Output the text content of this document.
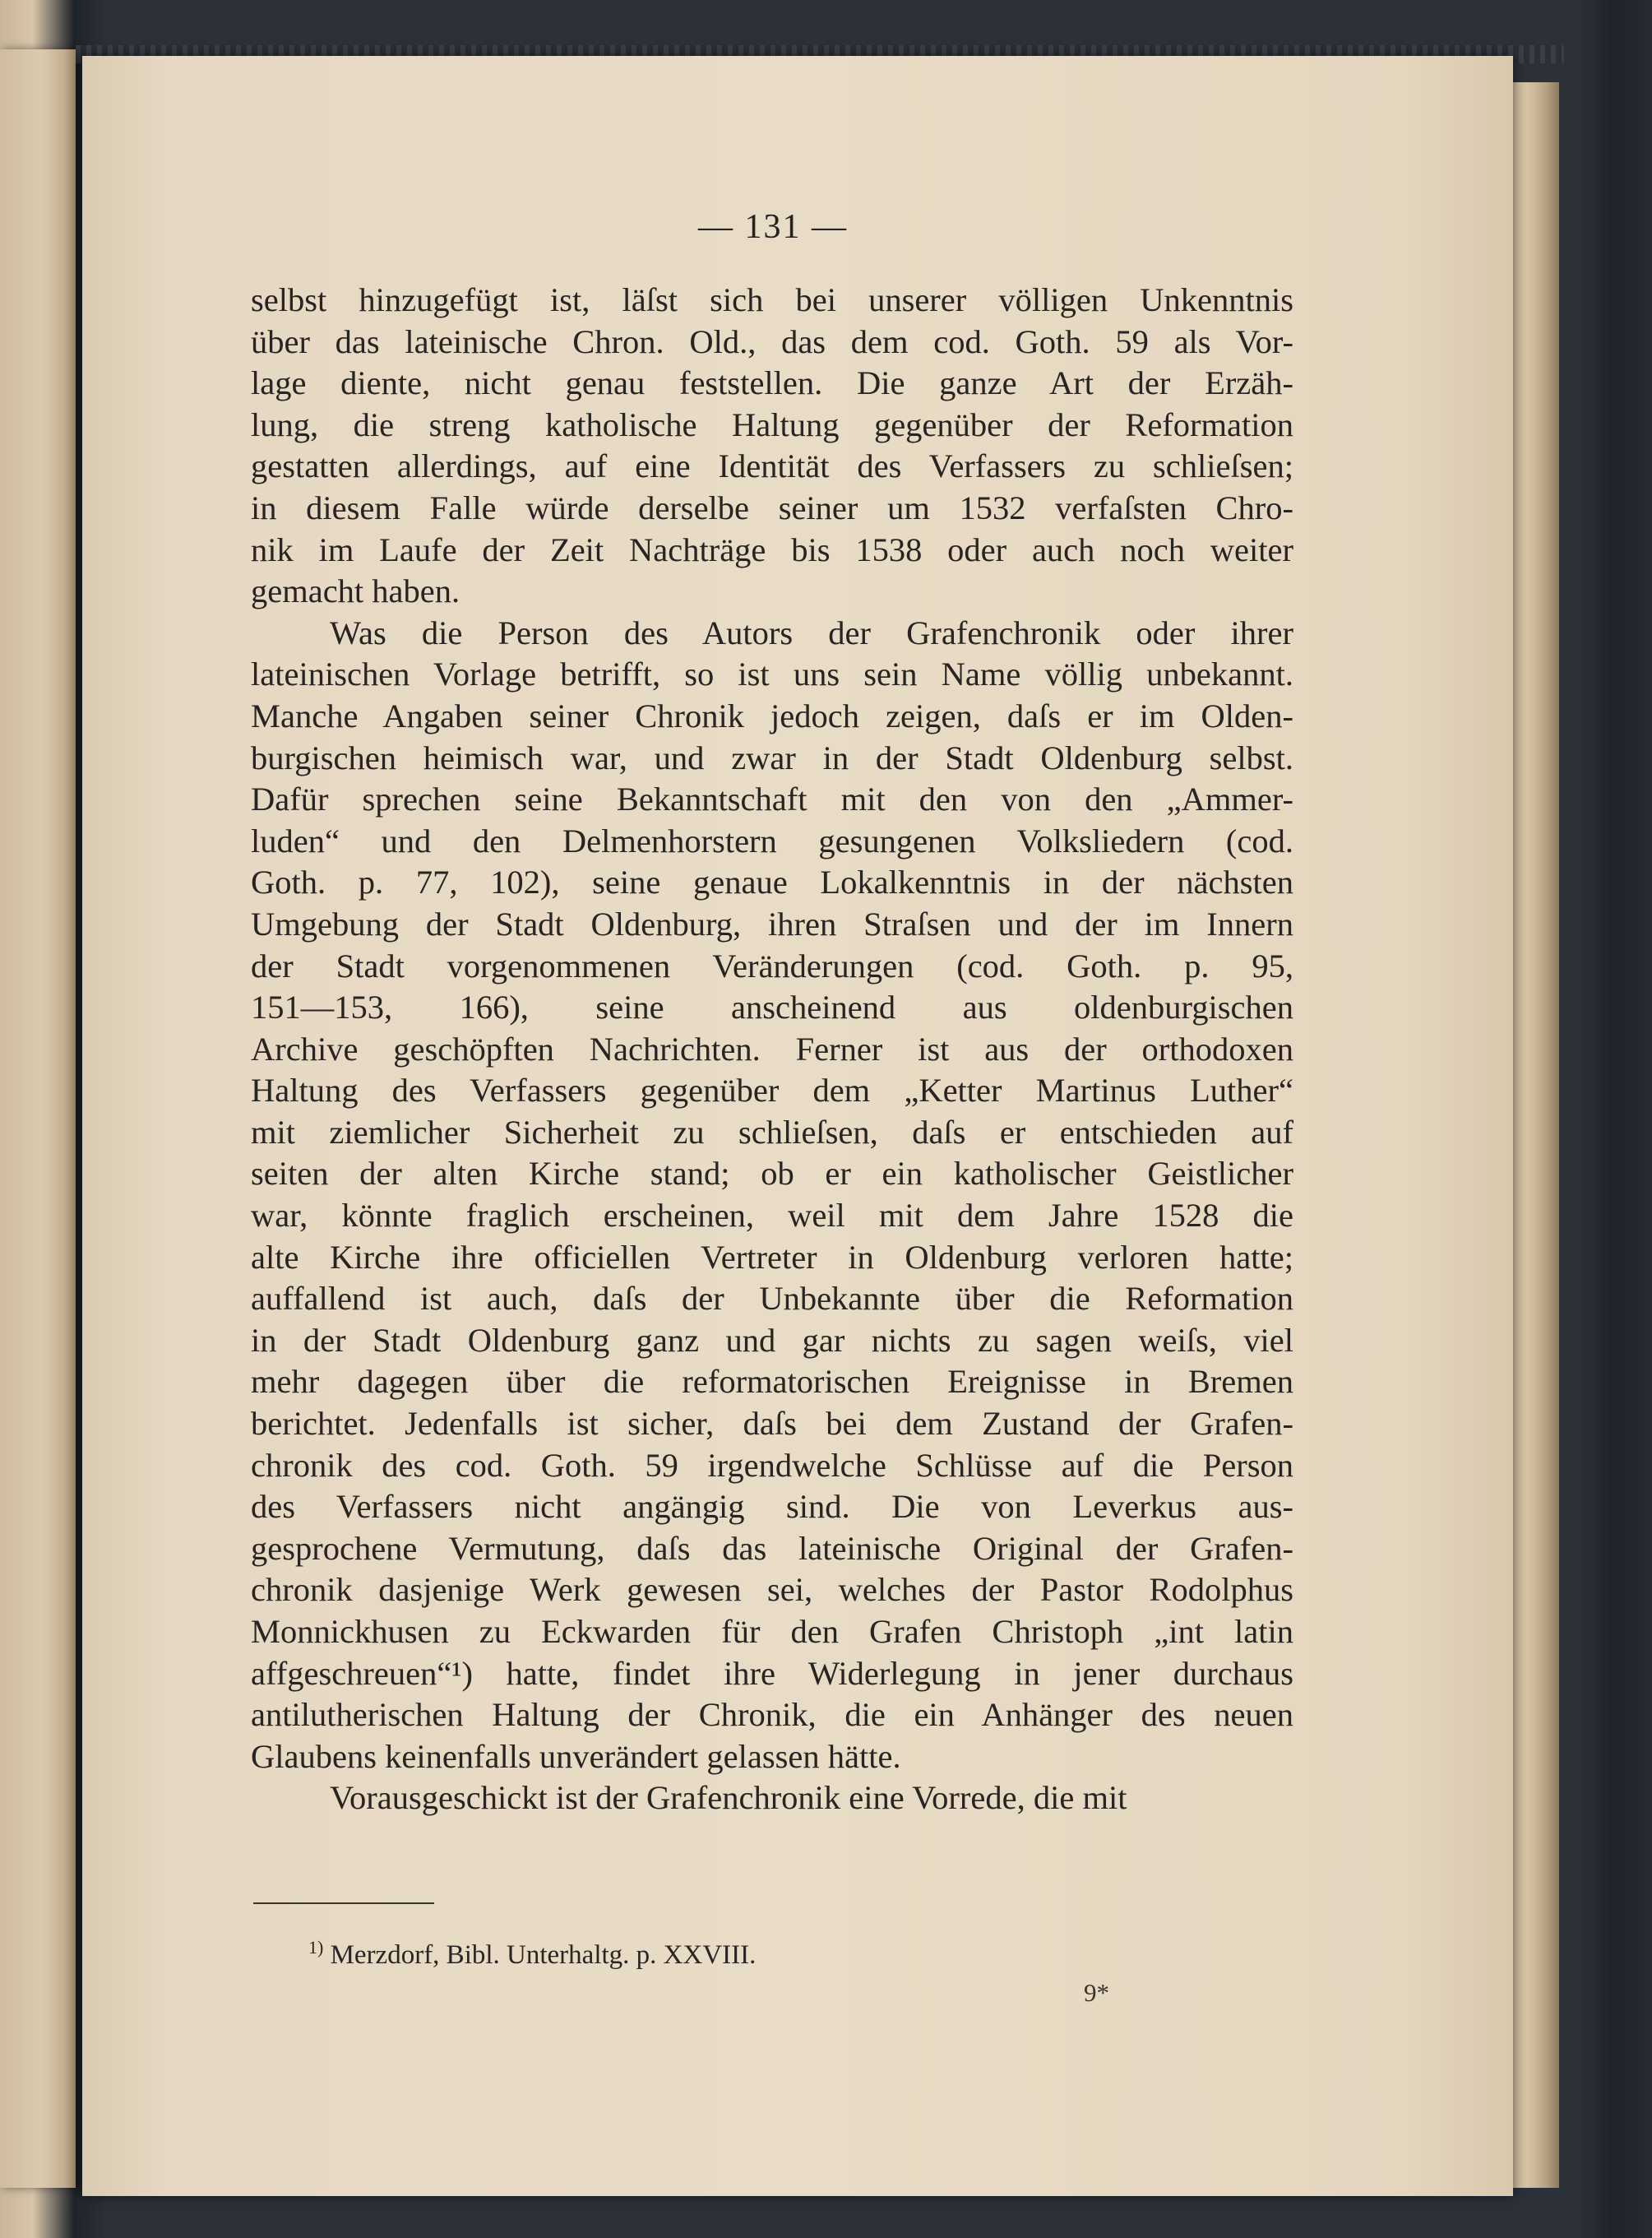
— 131 —
selbst hinzugefügt ist, läſst sich bei unserer völligen Unkenntnis
über das lateinische Chron. Old., das dem cod. Goth. 59 als Vor-
lage diente, nicht genau feststellen. Die ganze Art der Erzäh-
lung, die streng katholische Haltung gegenüber der Reformation
gestatten allerdings, auf eine Identität des Verfassers zu schlieſsen;
in diesem Falle würde derselbe seiner um 1532 verfaſsten Chro-
nik im Laufe der Zeit Nachträge bis 1538 oder auch noch weiter
gemacht haben.
Was die Person des Autors der Grafenchronik oder ihrer
lateinischen Vorlage betrifft, so ist uns sein Name völlig unbekannt.
Manche Angaben seiner Chronik jedoch zeigen, daſs er im Olden-
burgischen heimisch war, und zwar in der Stadt Oldenburg selbst.
Dafür sprechen seine Bekanntschaft mit den von den „Ammer-
luden“ und den Delmenhorstern gesungenen Volksliedern (cod.
Goth. p. 77, 102), seine genaue Lokalkenntnis in der nächsten
Umgebung der Stadt Oldenburg, ihren Straſsen und der im Innern
der Stadt vorgenommenen Veränderungen (cod. Goth. p. 95,
151—153, 166), seine anscheinend aus oldenburgischen
Archive geschöpften Nachrichten. Ferner ist aus der orthodoxen
Haltung des Verfassers gegenüber dem „Ketter Martinus Luther“
mit ziemlicher Sicherheit zu schlieſsen, daſs er entschieden auf
seiten der alten Kirche stand; ob er ein katholischer Geistlicher
war, könnte fraglich erscheinen, weil mit dem Jahre 1528 die
alte Kirche ihre officiellen Vertreter in Oldenburg verloren hatte;
auffallend ist auch, daſs der Unbekannte über die Reformation
in der Stadt Oldenburg ganz und gar nichts zu sagen weiſs, viel
mehr dagegen über die reformatorischen Ereignisse in Bremen
berichtet. Jedenfalls ist sicher, daſs bei dem Zustand der Grafen-
chronik des cod. Goth. 59 irgendwelche Schlüsse auf die Person
des Verfassers nicht angängig sind. Die von Leverkus aus-
gesprochene Vermutung, daſs das lateinische Original der Grafen-
chronik dasjenige Werk gewesen sei, welches der Pastor Rodolphus
Monnickhusen zu Eckwarden für den Grafen Christoph „int latin
affgeschreuen“¹) hatte, findet ihre Widerlegung in jener durchaus
antilutherischen Haltung der Chronik, die ein Anhänger des neuen
Glaubens keinenfalls unverändert gelassen hätte.
Vorausgeschickt ist der Grafenchronik eine Vorrede, die mit
$^{1)}$ Merzdorf, Bibl. Unterhaltg. p. XXVIII.
9*
